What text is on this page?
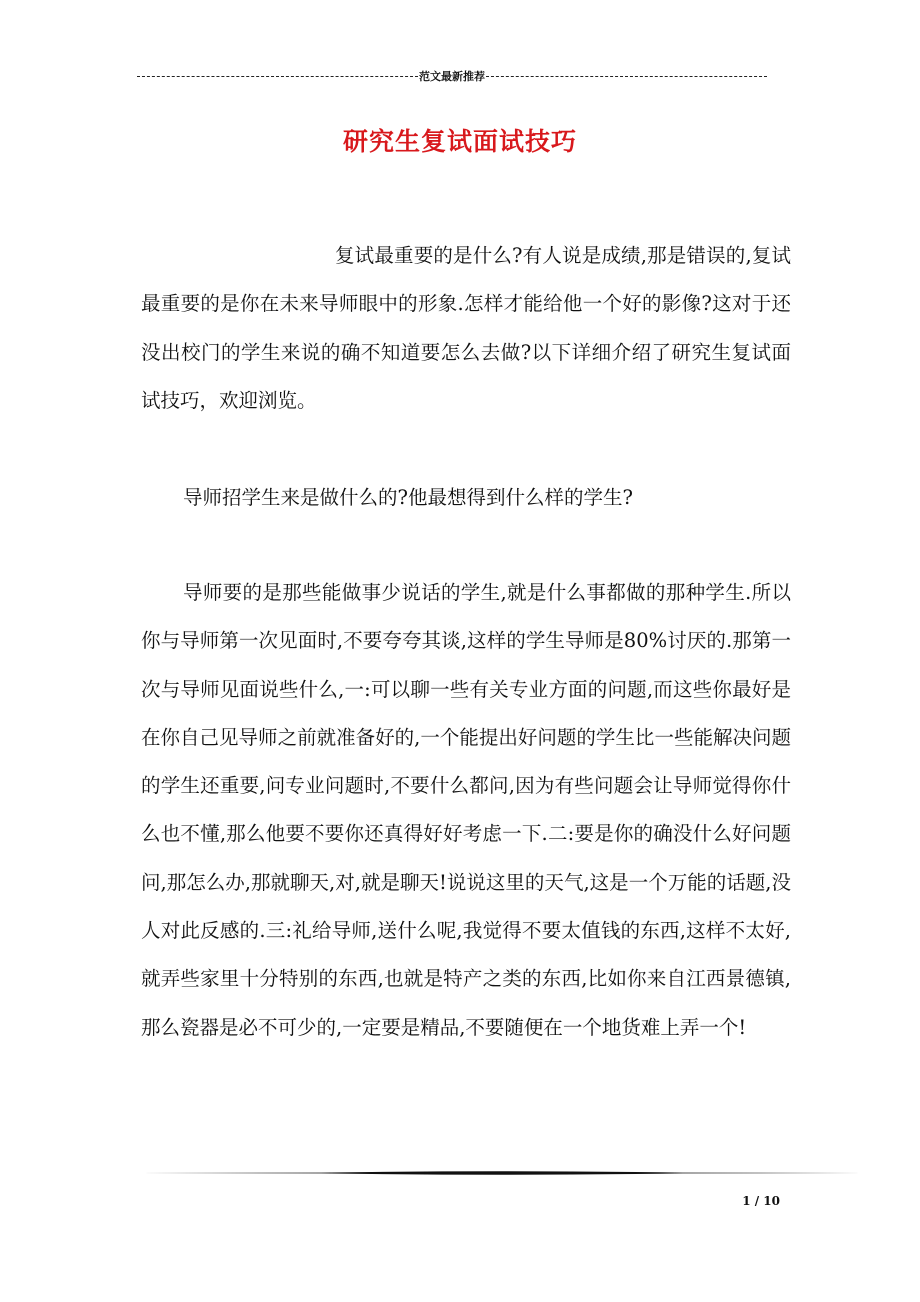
范文最新推荐
研究生复试面试技巧

复试最重要的是什么?有人说是成绩,那是错误的,复试最重要的是你在未来导师眼中的形象.怎样才能给他一个好的影像?这对于还没出校门的学生来说的确不知道要怎么去做?以下详细介绍了研究生复试面试技巧，欢迎浏览。

导师招学生来是做什么的?他最想得到什么样的学生?

导师要的是那些能做事少说话的学生,就是什么事都做的那种学生.所以你与导师第一次见面时,不要夸夸其谈,这样的学生导师是80%讨厌的.那第一次与导师见面说些什么,一:可以聊一些有关专业方面的问题,而这些你最好是在你自己见导师之前就准备好的,一个能提出好问题的学生比一些能解决问题的学生还重要,问专业问题时,不要什么都问,因为有些问题会让导师觉得你什么也不懂,那么他要不要你还真得好好考虑一下.二:要是你的确没什么好问题问,那怎么办,那就聊天,对,就是聊天!说说这里的天气,这是一个万能的话题,没人对此反感的.三:礼给导师,送什么呢,我觉得不要太值钱的东西,这样不太好,就弄些家里十分特别的东西,也就是特产之类的东西,比如你来自江西景德镇,那么瓷器是必不可少的,一定要是精品,不要随便在一个地货难上弄一个!

1 / 10
